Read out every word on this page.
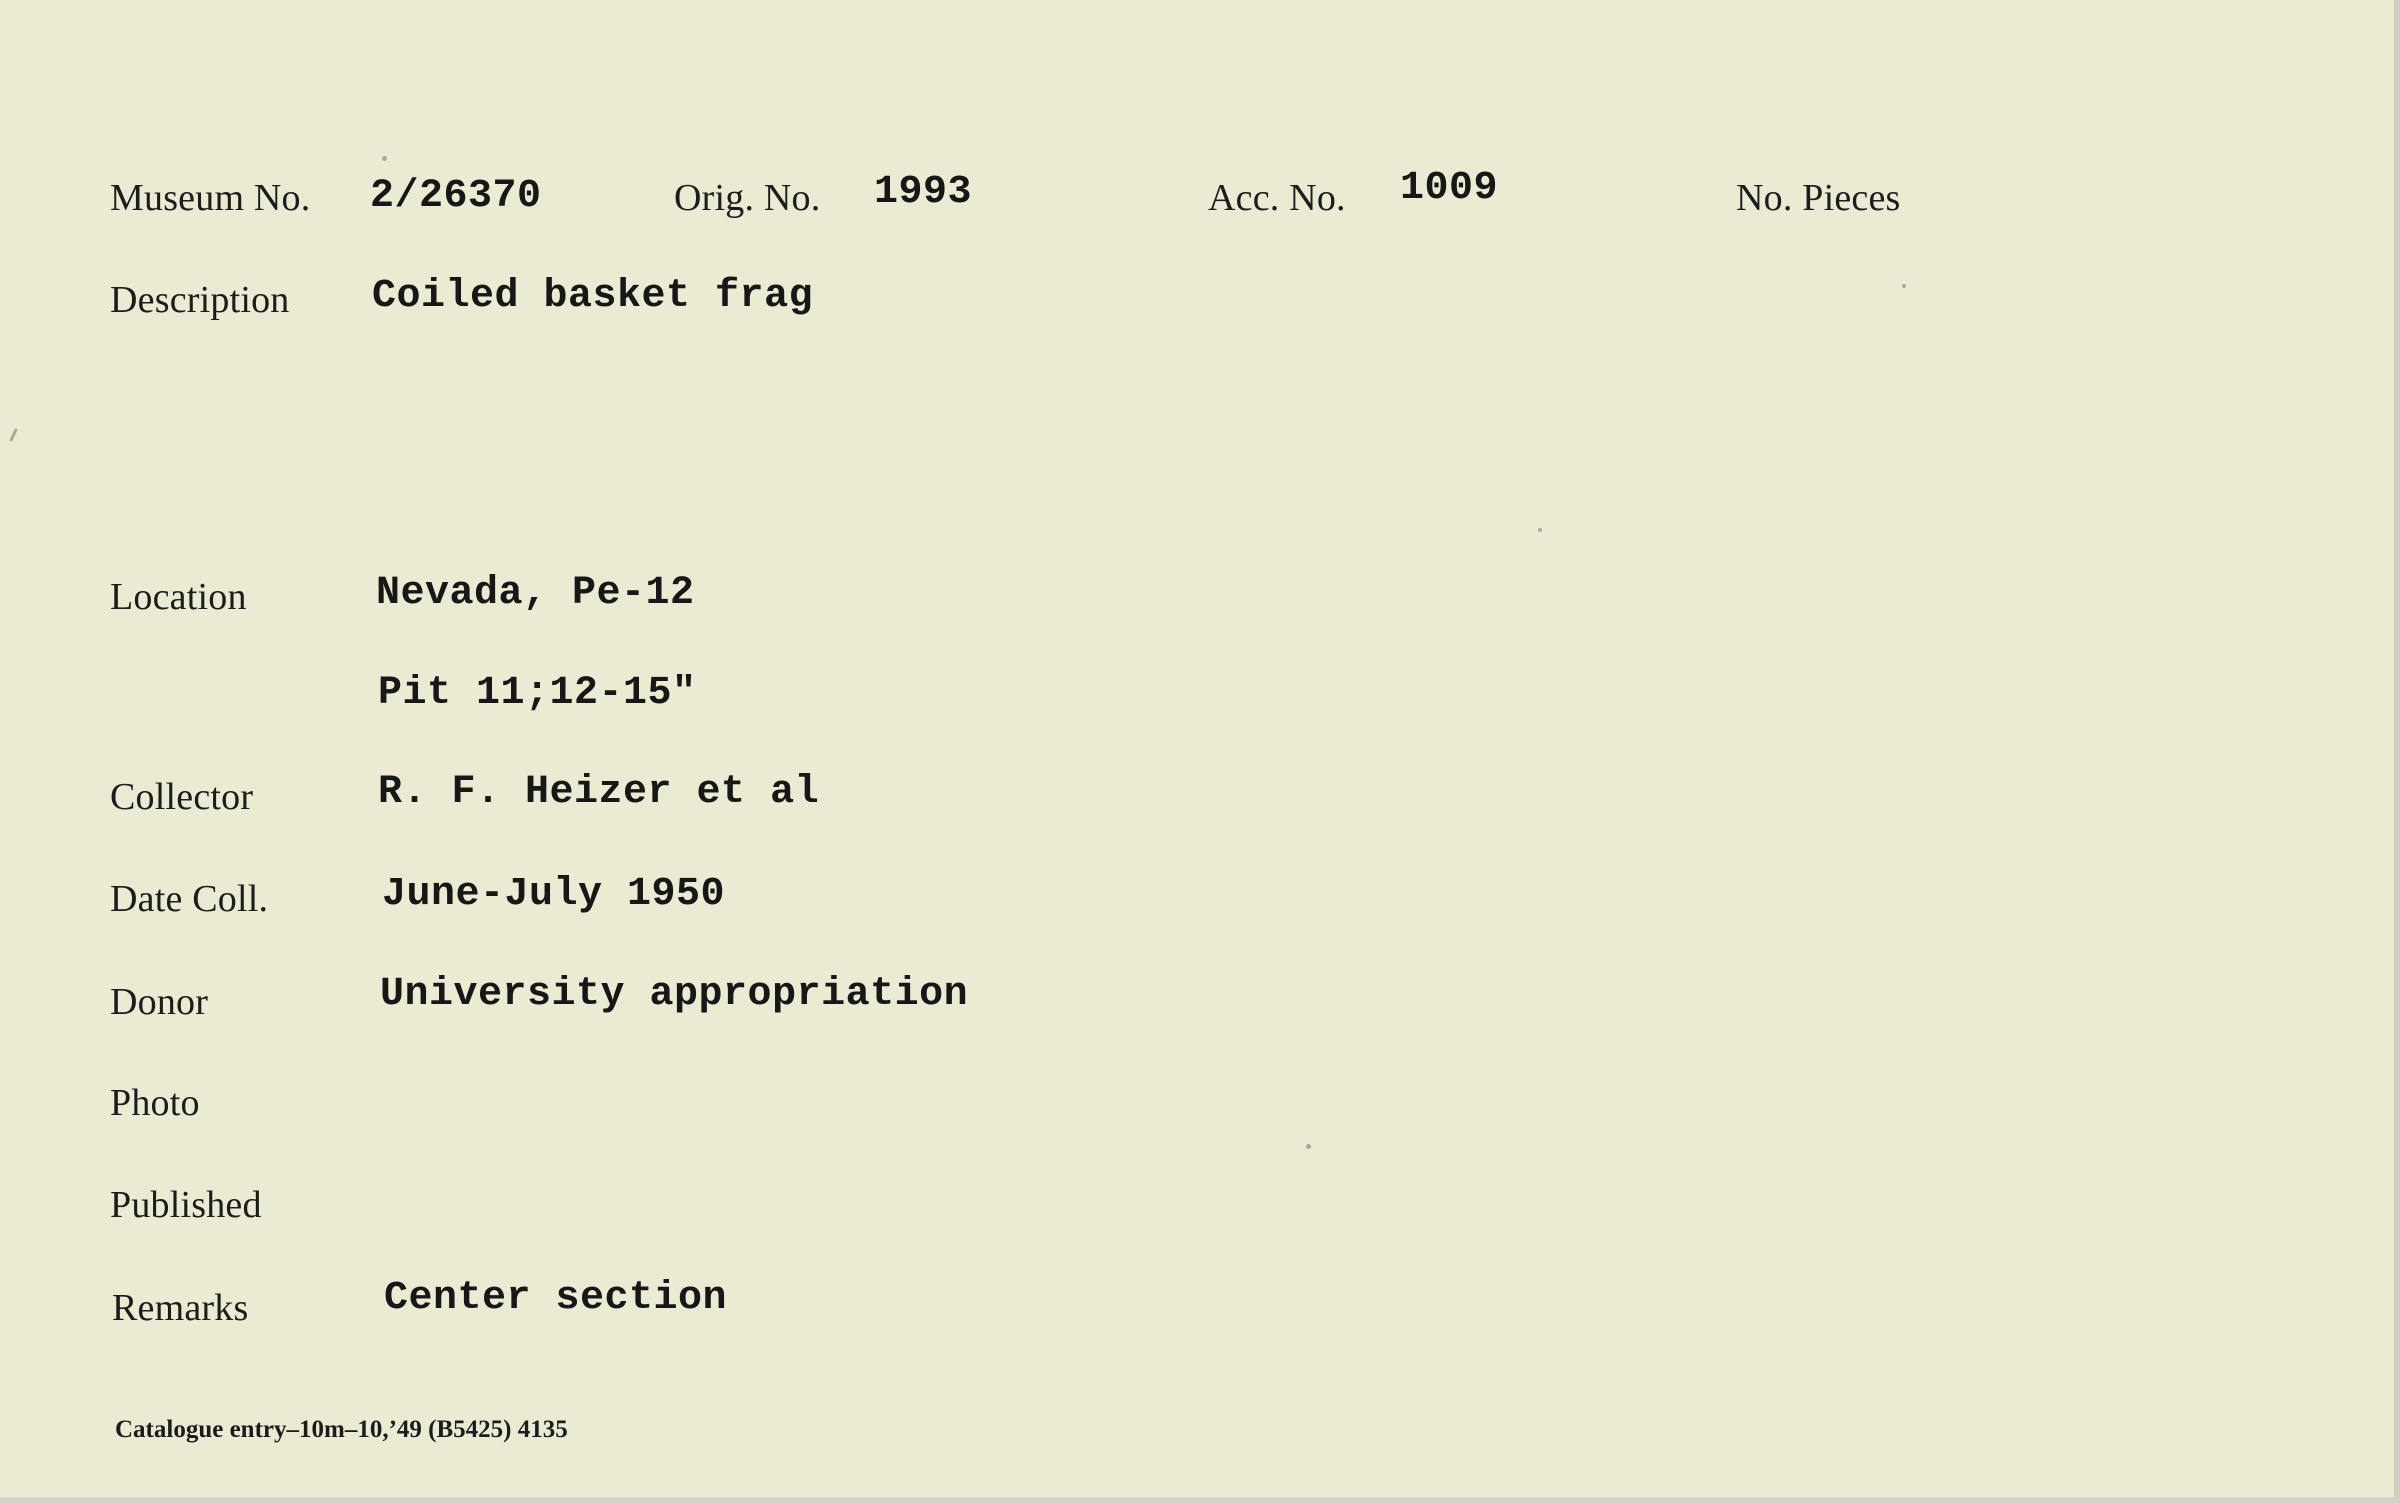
Museum No. 2/26370	Orig. No. 1993	Acc. No. 1009	No. Pieces
Description Coiled basket frag
Location	Nevada, Pe-12
Pit 11;12-15"
Collector	R. F. Heizer et al
Date Coll.	June-July 1950
Donor	University appropriation
Photo
Published
Remarks	Center section
Catalogue entry–10m–10,’49 (B5425) 4135
